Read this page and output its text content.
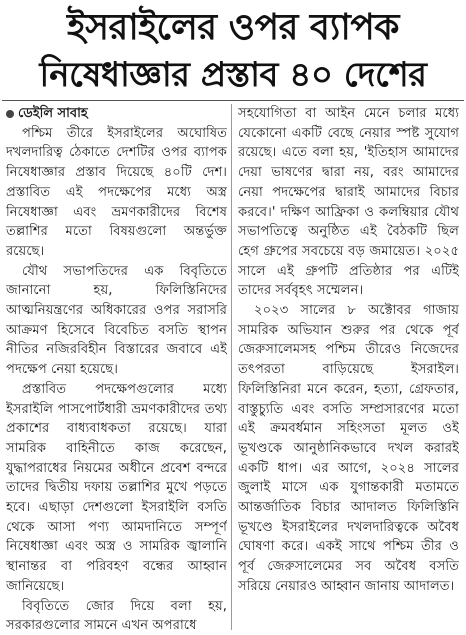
ইসরাইলের ওপর ব্যাপক
নিষেধাজ্ঞার প্রস্তাব ৪০ দেশের
ডেইলি সাবাহ

পশ্চিম তীরে ইসরাইলের অঘোষিত দখলদারিত্ব ঠেকাতে দেশটির ওপর ব্যাপক নিষেধাজ্ঞার প্রস্তাব দিয়েছে ৪০টি দেশ। প্রস্তাবিত এই পদক্ষেপের মধ্যে অস্ত্র নিষেধাজ্ঞা এবং ভ্রমণকারীদের বিশেষ তল্লাশির মতো বিষয়গুলো অন্তর্ভুক্ত রয়েছে।

যৌথ সভাপতিদের এক বিবৃতিতে জানানো হয়, ফিলিস্তিনিদের আত্মনিয়ন্ত্রণের অধিকারের ওপর সরাসরি আক্রমণ হিসেবে বিবেচিত বসতি স্থাপন নীতির নজিরবিহীন বিস্তারের জবাবে এই পদক্ষেপ নেয়া হয়েছে।

প্রস্তাবিত পদক্ষেপগুলোর মধ্যে ইসরাইলি পাসপোর্টধারী ভ্রমণকারীদের তথ্য প্রকাশের বাধ্যবাধকতা রয়েছে। যারা সামরিক বাহিনীতে কাজ করেছেন, যুদ্ধাপরাধের নিয়মের অধীনে প্রবেশ বন্দরে তাদের দ্বিতীয় দফায় তল্লাশির মুখে পড়তে হবে। এছাড়া দেশগুলো ইসরাইলি বসতি থেকে আসা পণ্য আমদানিতে সম্পূর্ণ নিষেধাজ্ঞা এবং অস্ত্র ও সামরিক জ্বালানি স্থানান্তর বা পরিবহণ বন্ধের আহ্বান জানিয়েছে।

বিবৃতিতে জোর দিয়ে বলা হয়, সরকারগুলোর সামনে এখন অপরাধে

সহযোগিতা বা আইন মেনে চলার মধ্যে যেকোনো একটি বেছে নেয়ার স্পষ্ট সুযোগ রয়েছে। এতে বলা হয়, 'ইতিহাস আমাদের দেয়া ভাষণের দ্বারা নয়, বরং আমাদের নেয়া পদক্ষেপের দ্বারাই আমাদের বিচার করবে।' দক্ষিণ আফ্রিকা ও কলম্বিয়ার যৌথ সভাপতিত্বে অনুষ্ঠিত এই বৈঠকটি ছিল হেগ গ্রুপের সবচেয়ে বড় জমায়েত। ২০২৫ সালে এই গ্রুপটি প্রতিষ্ঠার পর এটিই তাদের সর্ববৃহৎ সম্মেলন।

২০২৩ সালের ৮ অক্টোবর গাজায় সামরিক অভিযান শুরুর পর থেকে পূর্ব জেরুসালেমসহ পশ্চিম তীরেও নিজেদের তৎপরতা বাড়িয়েছে ইসরাইল। ফিলিস্তিনিরা মনে করেন, হত্যা, গ্রেফতার, বাস্তুচ্যুতি এবং বসতি সম্প্রসারণের মতো এই ক্রমবর্ধমান সহিংসতা মূলত ওই ভূখণ্ডকে আনুষ্ঠানিকভাবে দখল করারই একটি ধাপ। এর আগে, ২০২৪ সালের জুলাই মাসে এক যুগান্তকারী মতামতে আন্তর্জাতিক বিচার আদালত ফিলিস্তিনি ভূখণ্ডে ইসরাইলের দখলদারিত্বকে অবৈধ ঘোষণা করে। একই সাথে পশ্চিম তীর ও পূর্ব জেরুসালেমের সব অবৈধ বসতি সরিয়ে নেয়ারও আহ্বান জানায় আদালত।
